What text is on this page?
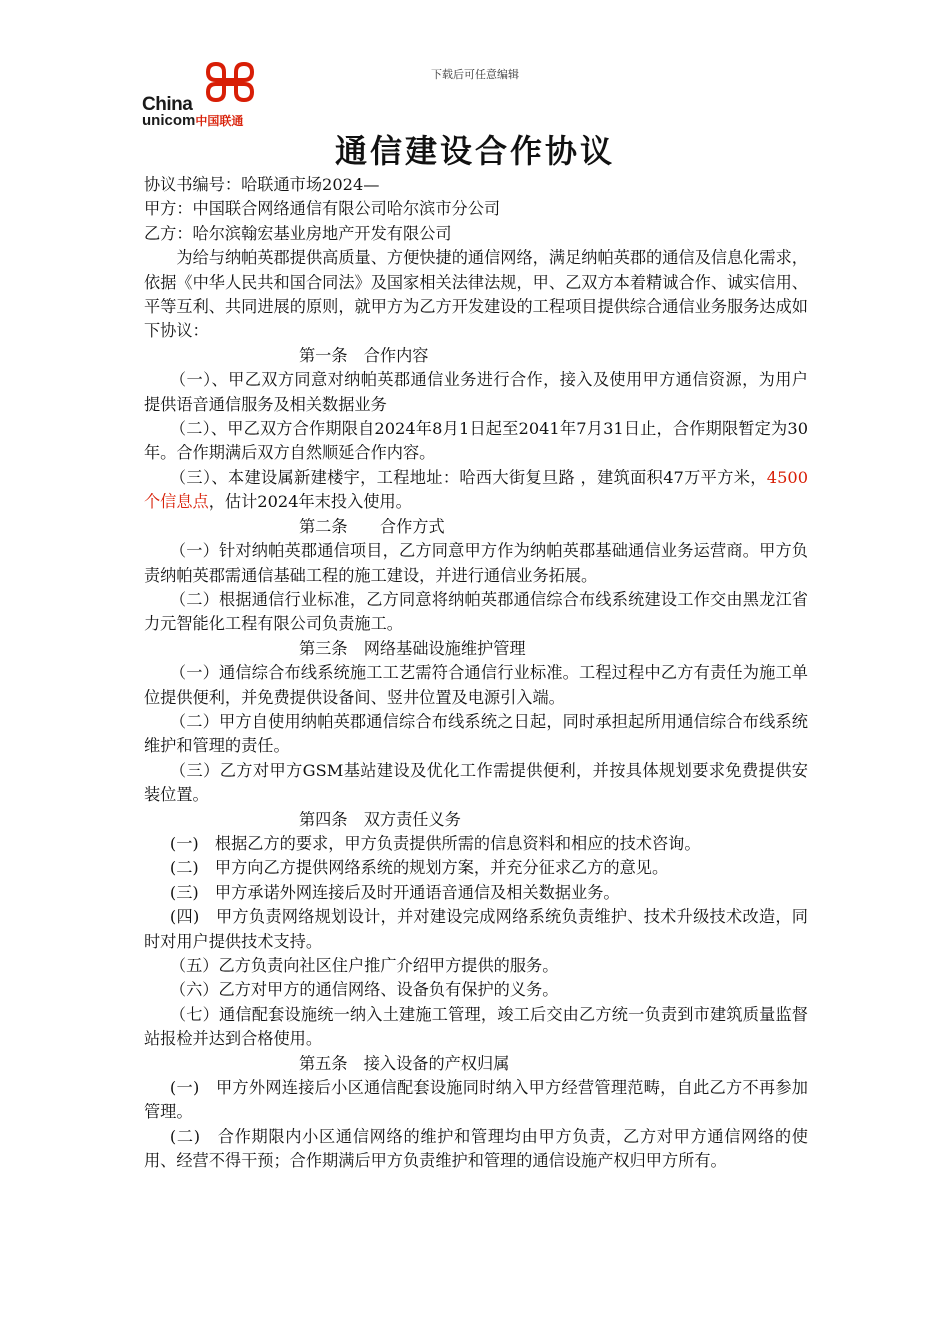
下载后可任意编辑
China
unicom中国联通
通信建设合作协议

协议书编号：哈联通市场2024—

甲方：中国联合网络通信有限公司哈尔滨市分公司

乙方：哈尔滨翰宏基业房地产开发有限公司

为给与纳帕英郡提供高质量、方便快捷的通信网络，满足纳帕英郡的通信及信息化需求，依据《中华人民共和国合同法》及国家相关法律法规，甲、乙双方本着精诚合作、诚实信用、平等互利、共同进展的原则，就甲方为乙方开发建设的工程项目提供综合通信业务服务达成如下协议：

第一条　合作内容

（一）、甲乙双方同意对纳帕英郡通信业务进行合作，接入及使用甲方通信资源，为用户提供语音通信服务及相关数据业务

（二）、甲乙双方合作期限自2024年8月1日起至2041年7月31日止，合作期限暂定为30年。合作期满后双方自然顺延合作内容。

（三）、本建设属新建楼宇，工程地址：哈西大街复旦路 ，建筑面积47万平方米，4500个信息点，估计2024年末投入使用。

第二条　　合作方式

（一）针对纳帕英郡通信项目，乙方同意甲方作为纳帕英郡基础通信业务运营商。甲方负责纳帕英郡需通信基础工程的施工建设，并进行通信业务拓展。

（二）根据通信行业标准，乙方同意将纳帕英郡通信综合布线系统建设工作交由黑龙江省力元智能化工程有限公司负责施工。

第三条　网络基础设施维护管理

（一）通信综合布线系统施工工艺需符合通信行业标准。工程过程中乙方有责任为施工单位提供便利，并免费提供设备间、竖井位置及电源引入端。

（二）甲方自使用纳帕英郡通信综合布线系统之日起，同时承担起所用通信综合布线系统维护和管理的责任。

（三）乙方对甲方GSM基站建设及优化工作需提供便利，并按具体规划要求免费提供安装位置。

第四条　双方责任义务

(一)　根据乙方的要求，甲方负责提供所需的信息资料和相应的技术咨询。

(二)　甲方向乙方提供网络系统的规划方案，并充分征求乙方的意见。

(三)　甲方承诺外网连接后及时开通语音通信及相关数据业务。

(四)　甲方负责网络规划设计，并对建设完成网络系统负责维护、技术升级技术改造，同时对用户提供技术支持。

（五）乙方负责向社区住户推广介绍甲方提供的服务。

（六）乙方对甲方的通信网络、设备负有保护的义务。

（七）通信配套设施统一纳入土建施工管理，竣工后交由乙方统一负责到市建筑质量监督站报检并达到合格使用。

第五条　接入设备的产权归属

(一)　甲方外网连接后小区通信配套设施同时纳入甲方经营管理范畴，自此乙方不再参加管理。

(二)　合作期限内小区通信网络的维护和管理均由甲方负责，乙方对甲方通信网络的使用、经营不得干预；合作期满后甲方负责维护和管理的通信设施产权归甲方所有。
